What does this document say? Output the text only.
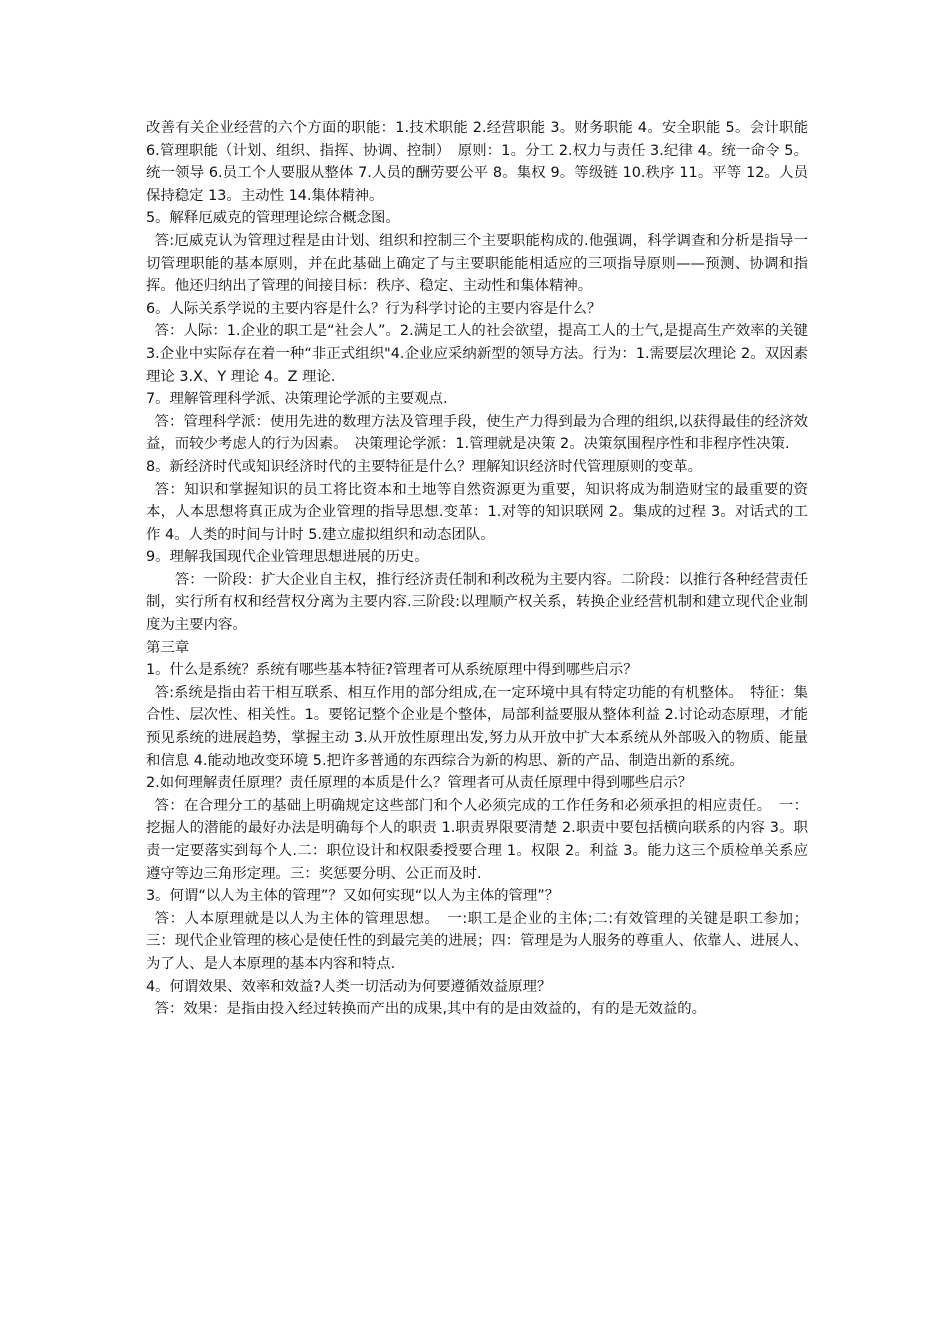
改善有关企业经营的六个方面的职能：1.技术职能 2.经营职能 3。财务职能 4。安全职能 5。会计职能 6.管理职能（计划、组织、指挥、协调、控制）　原则：1。分工 2.权力与责任 3.纪律 4。统一命令 5。统一领导 6.员工个人要服从整体 7.人员的酬劳要公平 8。集权 9。等级链 10.秩序 11。平等 12。人员保持稳定 13。主动性 14.集体精神。

5。解释厄威克的管理理论综合概念图。

答:厄威克认为管理过程是由计划、组织和控制三个主要职能构成的.他强调，科学调查和分析是指导一切管理职能的基本原则，并在此基础上确定了与主要职能能相适应的三项指导原则——预测、协调和指挥。他还归纳出了管理的间接目标：秩序、稳定、主动性和集体精神。

6。人际关系学说的主要内容是什么？行为科学讨论的主要内容是什么？

答：人际：1.企业的职工是“社会人”。2.满足工人的社会欲望，提高工人的士气,是提高生产效率的关键 3.企业中实际存在着一种“非正式组织"4.企业应采纳新型的领导方法。行为：1.需要层次理论 2。双因素理论 3.X、Y 理论 4。Z 理论.

7。理解管理科学派、决策理论学派的主要观点.

答：管理科学派：使用先进的数理方法及管理手段，使生产力得到最为合理的组织,以获得最佳的经济效益，而较少考虑人的行为因素。　决策理论学派：1.管理就是决策 2。决策氛围程序性和非程序性决策.

8。新经济时代或知识经济时代的主要特征是什么？理解知识经济时代管理原则的变革。

答：知识和掌握知识的员工将比资本和土地等自然资源更为重要，知识将成为制造财宝的最重要的资本，人本思想将真正成为企业管理的指导思想.变革：1.对等的知识联网 2。集成的过程 3。对话式的工作 4。人类的时间与计时 5.建立虚拟组织和动态团队。

9。理解我国现代企业管理思想进展的历史。

答：一阶段：扩大企业自主权，推行经济责任制和利改税为主要内容。二阶段：以推行各种经营责任制，实行所有权和经营权分离为主要内容.三阶段:以理顺产权关系，转换企业经营机制和建立现代企业制度为主要内容。

第三章

1。什么是系统？系统有哪些基本特征?管理者可从系统原理中得到哪些启示？

答:系统是指由若干相互联系、相互作用的部分组成,在一定环境中具有特定功能的有机整体。　特征：集合性、层次性、相关性。1。要铭记整个企业是个整体，局部利益要服从整体利益 2.讨论动态原理，才能预见系统的进展趋势，掌握主动 3.从开放性原理出发,努力从开放中扩大本系统从外部吸入的物质、能量和信息 4.能动地改变环境 5.把许多普通的东西综合为新的构思、新的产品、制造出新的系统。

2.如何理解责任原理？责任原理的本质是什么？管理者可从责任原理中得到哪些启示？

答：在合理分工的基础上明确规定这些部门和个人必须完成的工作任务和必须承担的相应责任。　一：挖掘人的潜能的最好办法是明确每个人的职责 1.职责界限要清楚 2.职责中要包括横向联系的内容 3。职责一定要落实到每个人.二：职位设计和权限委授要合理 1。权限 2。利益 3。能力这三个质检单关系应遵守等边三角形定理。三：奖惩要分明、公正而及时.

3。何谓“以人为主体的管理”？又如何实现“以人为主体的管理”？

答：人本原理就是以人为主体的管理思想。　一:职工是企业的主体;二:有效管理的关键是职工参加；三：现代企业管理的核心是使任性的到最完美的进展；四：管理是为人服务的尊重人、依靠人、进展人、为了人、是人本原理的基本内容和特点.

4。何谓效果、效率和效益?人类一切活动为何要遵循效益原理？

答：效果：是指由投入经过转换而产出的成果,其中有的是由效益的，有的是无效益的。
